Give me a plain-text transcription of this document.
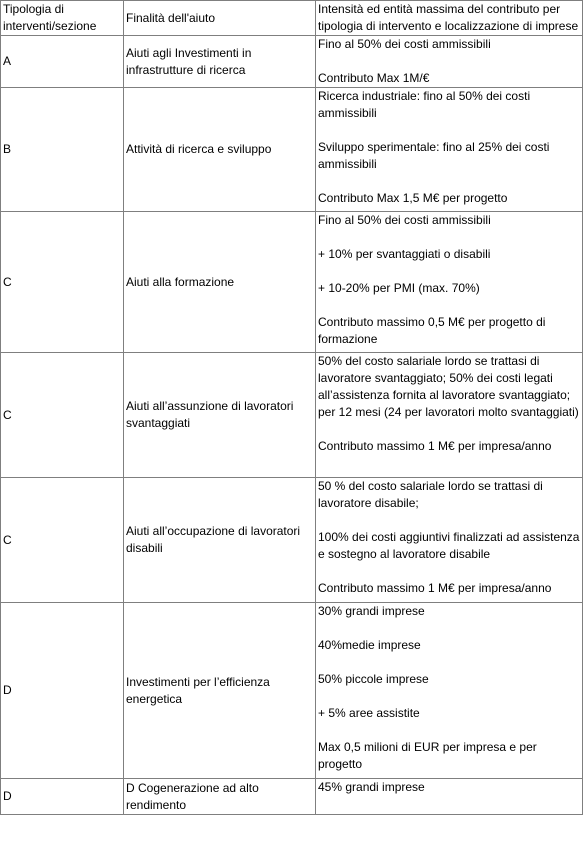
Tipologia di interventi/sezione	Finalità dell'aiuto	Intensità ed entità massima del contributo per tipologia di intervento e localizzazione di imprese
A	Aiuti agli Investimenti in infrastrutture di ricerca	Fino al 50% dei costi ammissibili
Contributo Max 1M/€

B	Attività di ricerca e sviluppo	Ricerca industriale: fino al 50% dei costi ammissibili
Sviluppo sperimentale: fino al 25% dei costi ammissibili
Contributo Max 1,5 M€ per progetto

C	Aiuti alla formazione	Fino al 50% dei costi ammissibili
+ 10% per svantaggiati o disabili
+ 10-20% per PMI (max. 70%)
Contributo massimo 0,5 M€ per progetto di formazione

C	Aiuti all’assunzione di lavoratori svantaggiati	50% del costo salariale lordo se trattasi di lavoratore svantaggiato; 50% dei costi legati all’assistenza fornita al lavoratore svantaggiato; per 12 mesi (24 per lavoratori molto svantaggiati)
Contributo massimo 1 M€ per impresa/anno

C	Aiuti all’occupazione di lavoratori disabili	50 % del costo salariale lordo se trattasi di lavoratore disabile;
100% dei costi aggiuntivi finalizzati ad assistenza e sostegno al lavoratore disabile
Contributo massimo 1 M€ per impresa/anno

D	Investimenti per l’efficienza energetica	30% grandi imprese
40%medie imprese
50% piccole imprese
+ 5% aree assistite
Max 0,5 milioni di EUR per impresa e per progetto

D	D Cogenerazione ad alto rendimento	45% grandi imprese
